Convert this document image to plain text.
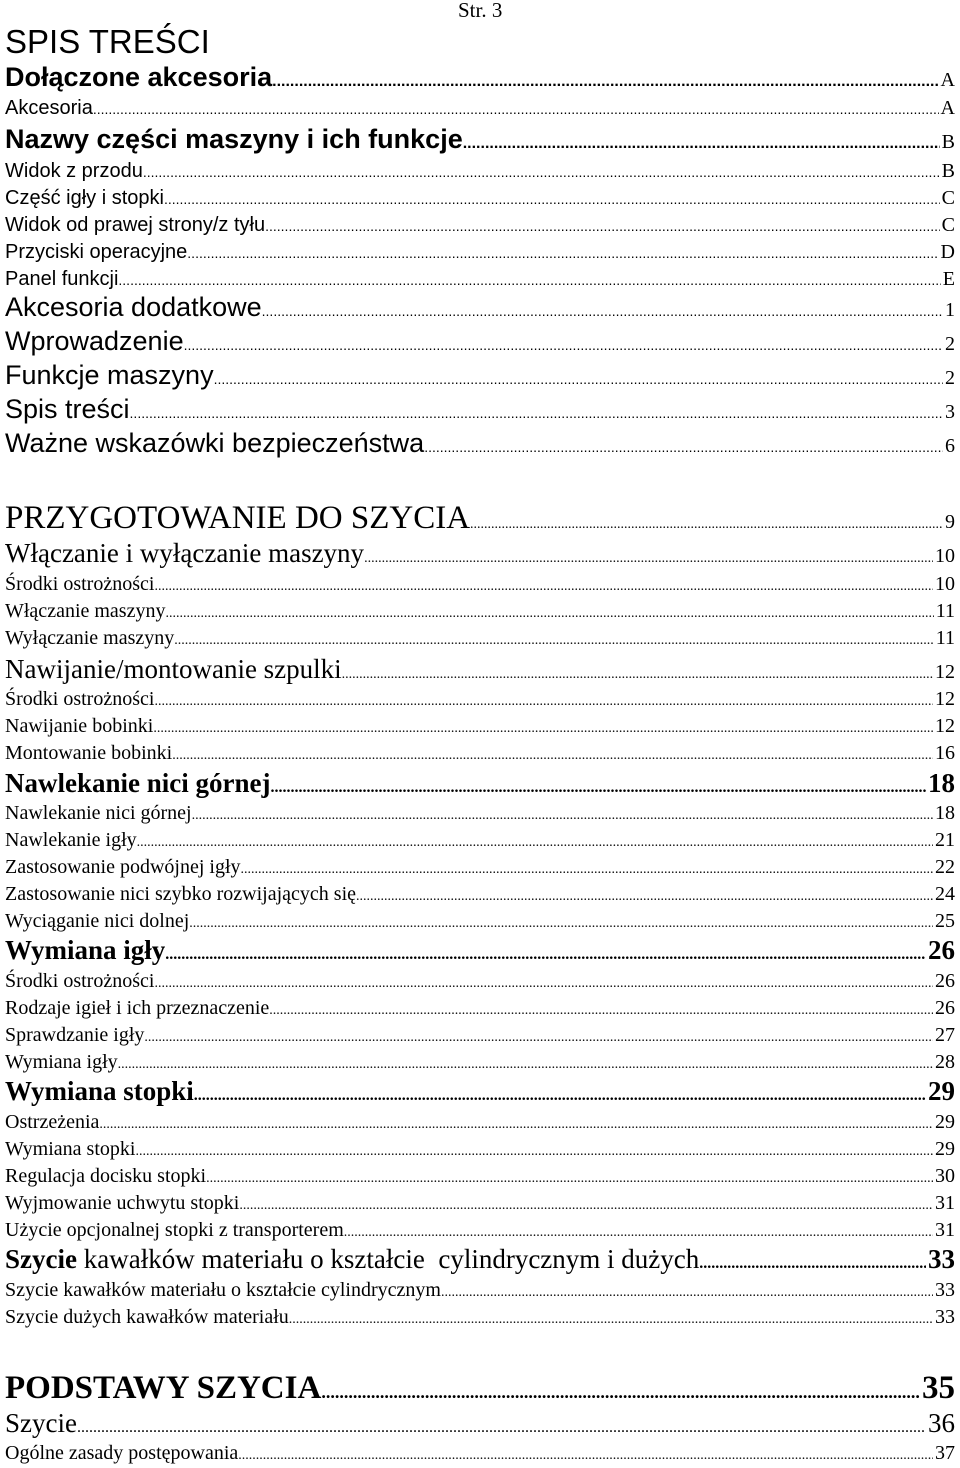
Str. 3
SPIS TREŚCI
Dołączone akcesoria .....	A
Akcesoria .....	A
Nazwy części maszyny i ich funkcje .....	B
Widok z przodu .....	B
Część igły i stopki .....	C
Widok od prawej strony/z tyłu .....	C
Przyciski operacyjne .....	D
Panel funkcji .....	E
Akcesoria dodatkowe .....	1
Wprowadzenie .....	2
Funkcje maszyny .....	2
Spis treści .....	3
Ważne wskazówki bezpieczeństwa .....	6
PRZYGOTOWANIE DO SZYCIA .....	9
Włączanie i wyłączanie maszyny .....	10
Środki ostrożności .....	10
Włączanie maszyny .....	11
Wyłączanie maszyny .....	11
Nawijanie/montowanie szpulki .....	12
Środki ostrożności .....	12
Nawijanie bobinki .....	12
Montowanie bobinki .....	16
Nawlekanie nici górnej .....	18
Nawlekanie nici górnej .....	18
Nawlekanie igły .....	21
Zastosowanie podwójnej igły .....	22
Zastosowanie nici szybko rozwijających się .....	24
Wyciąganie nici dolnej .....	25
Wymiana igły .....	26
Środki ostrożności .....	26
Rodzaje igieł i ich przeznaczenie .....	26
Sprawdzanie igły .....	27
Wymiana igły .....	28
Wymiana stopki .....	29
Ostrzeżenia .....	29
Wymiana stopki .....	29
Regulacja docisku stopki .....	30
Wyjmowanie uchwytu stopki .....	31
Użycie opcjonalnej stopki z transporterem .....	31
Szycie kawałków materiału o kształcie  cylindrycznym i dużych .....	33
Szycie kawałków materiału o kształcie cylindrycznym .....	33
Szycie dużych kawałków materiału .....	33
PODSTAWY SZYCIA .....	35
Szycie .....	36
Ogólne zasady postępowania .....	37
